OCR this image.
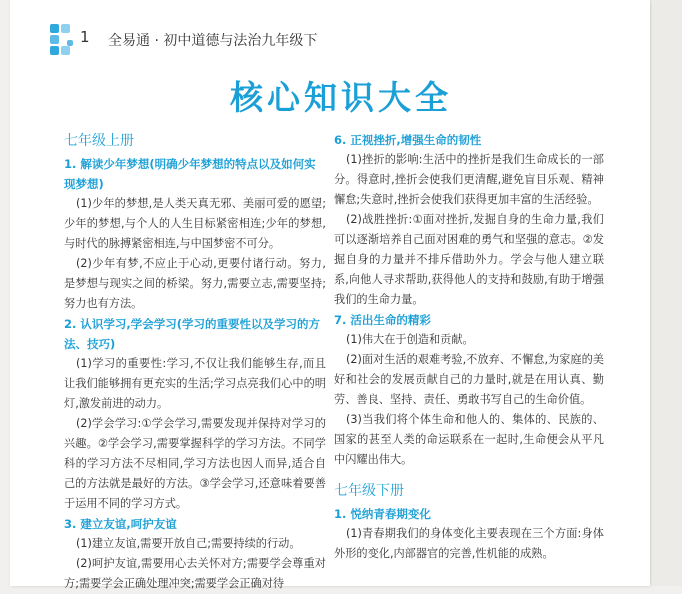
1 全易通 · 初中道德与法治九年级下
核心知识大全
七年级上册
1. 解读少年梦想(明确少年梦想的特点以及如何实现梦想)
(1)少年的梦想,是人类天真无邪、美丽可爱的愿望;少年的梦想,与个人的人生目标紧密相连;少年的梦想,与时代的脉搏紧密相连,与中国梦密不可分。
(2)少年有梦,不应止于心动,更要付诸行动。努力,是梦想与现实之间的桥梁。努力,需要立志,需要坚持;努力也有方法。
2. 认识学习,学会学习(学习的重要性以及学习的方法、技巧)
(1)学习的重要性:学习,不仅让我们能够生存,而且让我们能够拥有更充实的生活;学习点亮我们心中的明灯,激发前进的动力。
(2)学会学习:①学会学习,需要发现并保持对学习的兴趣。②学会学习,需要掌握科学的学习方法。不同学科的学习方法不尽相同,学习方法也因人而异,适合自己的方法就是最好的方法。③学会学习,还意味着要善于运用不同的学习方式。
3. 建立友谊,呵护友谊
(1)建立友谊,需要开放自己;需要持续的行动。
(2)呵护友谊,需要用心去关怀对方;需要学会尊重对方;需要学会正确处理冲突;需要学会正确对待
6. 正视挫折,增强生命的韧性
(1)挫折的影响:生活中的挫折是我们生命成长的一部分。得意时,挫折会使我们更清醒,避免盲目乐观、精神懈怠;失意时,挫折会使我们获得更加丰富的生活经验。
(2)战胜挫折:①面对挫折,发掘自身的生命力量,我们可以逐渐培养自己面对困难的勇气和坚强的意志。②发掘自身的力量并不排斥借助外力。学会与他人建立联系,向他人寻求帮助,获得他人的支持和鼓励,有助于增强我们的生命力量。
7. 活出生命的精彩
(1)伟大在于创造和贡献。
(2)面对生活的艰难考验,不放弃、不懈怠,为家庭的美好和社会的发展贡献自己的力量时,就是在用认真、勤劳、善良、坚持、责任、勇敢书写自己的生命价值。
(3)当我们将个体生命和他人的、集体的、民族的、国家的甚至人类的命运联系在一起时,生命便会从平凡中闪耀出伟大。
七年级下册
1. 悦纳青春期变化
(1)青春期我们的身体变化主要表现在三个方面:身体外形的变化,内部器官的完善,性机能的成熟。
